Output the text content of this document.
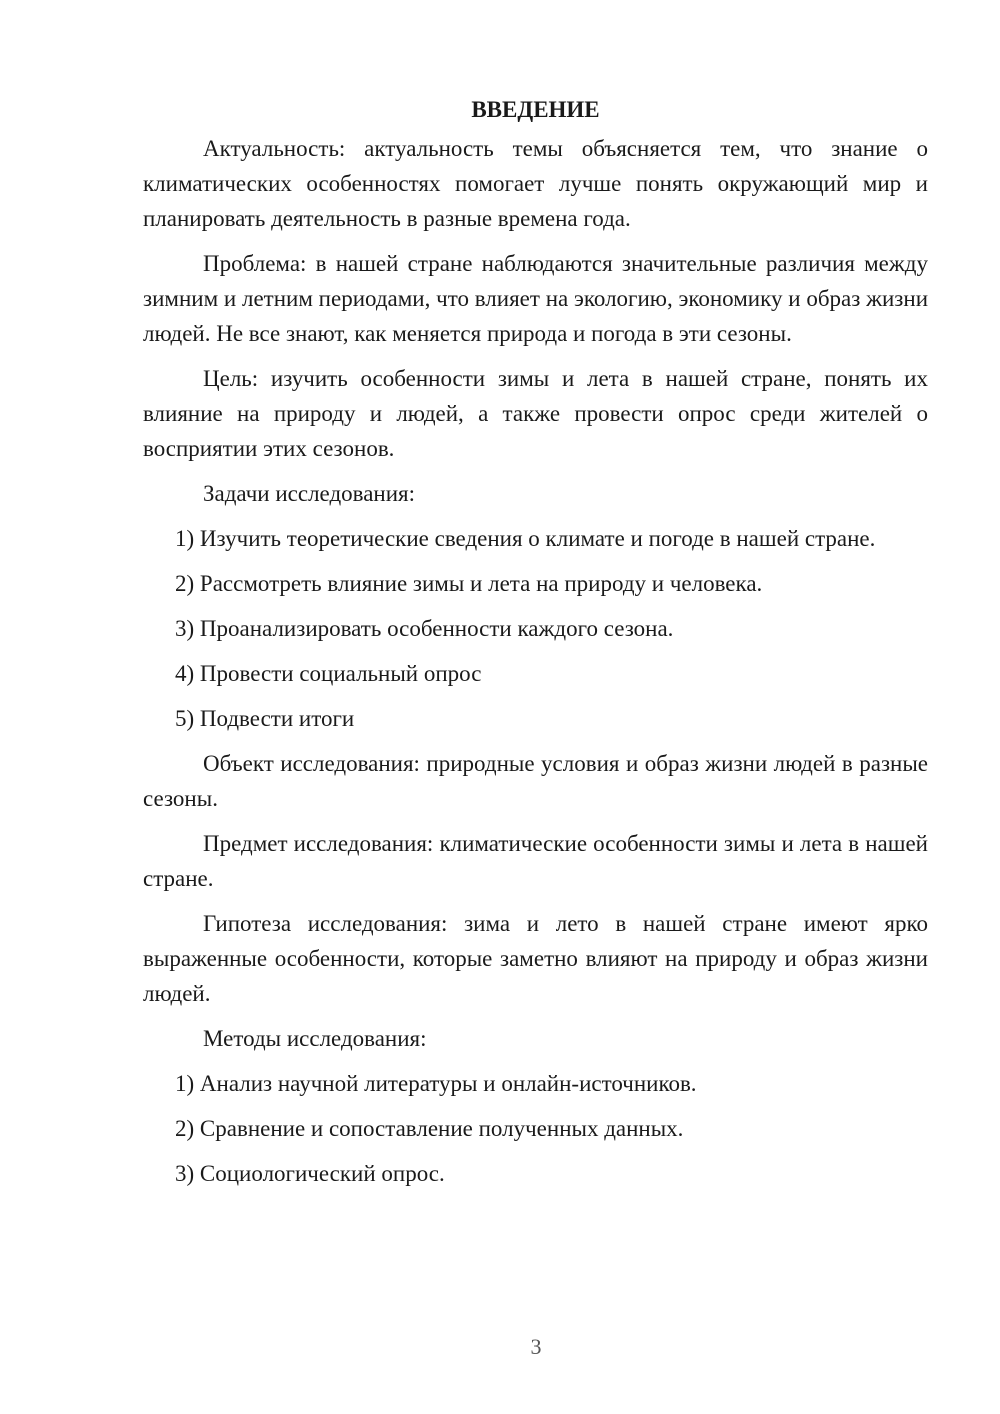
ВВЕДЕНИЕ

Актуальность: актуальность темы объясняется тем, что знание о климатических особенностях помогает лучше понять окружающий мир и планировать деятельность в разные времена года.

Проблема: в нашей стране наблюдаются значительные различия между зимним и летним периодами, что влияет на экологию, экономику и образ жизни людей. Не все знают, как меняется природа и погода в эти сезоны.

Цель: изучить особенности зимы и лета в нашей стране, понять их влияние на природу и людей, а также провести опрос среди жителей о восприятии этих сезонов.

Задачи исследования:

1) Изучить теоретические сведения о климате и погоде в нашей стране.
2) Рассмотреть влияние зимы и лета на природу и человека.
3) Проанализировать особенности каждого сезона.
4) Провести социальный опрос
5) Подвести итоги

Объект исследования: природные условия и образ жизни людей в разные сезоны.

Предмет исследования: климатические особенности зимы и лета в нашей стране.

Гипотеза исследования: зима и лето в нашей стране имеют ярко выраженные особенности, которые заметно влияют на природу и образ жизни людей.

Методы исследования:

1) Анализ научной литературы и онлайн-источников.
2) Сравнение и сопоставление полученных данных.
3) Социологический опрос.
3
